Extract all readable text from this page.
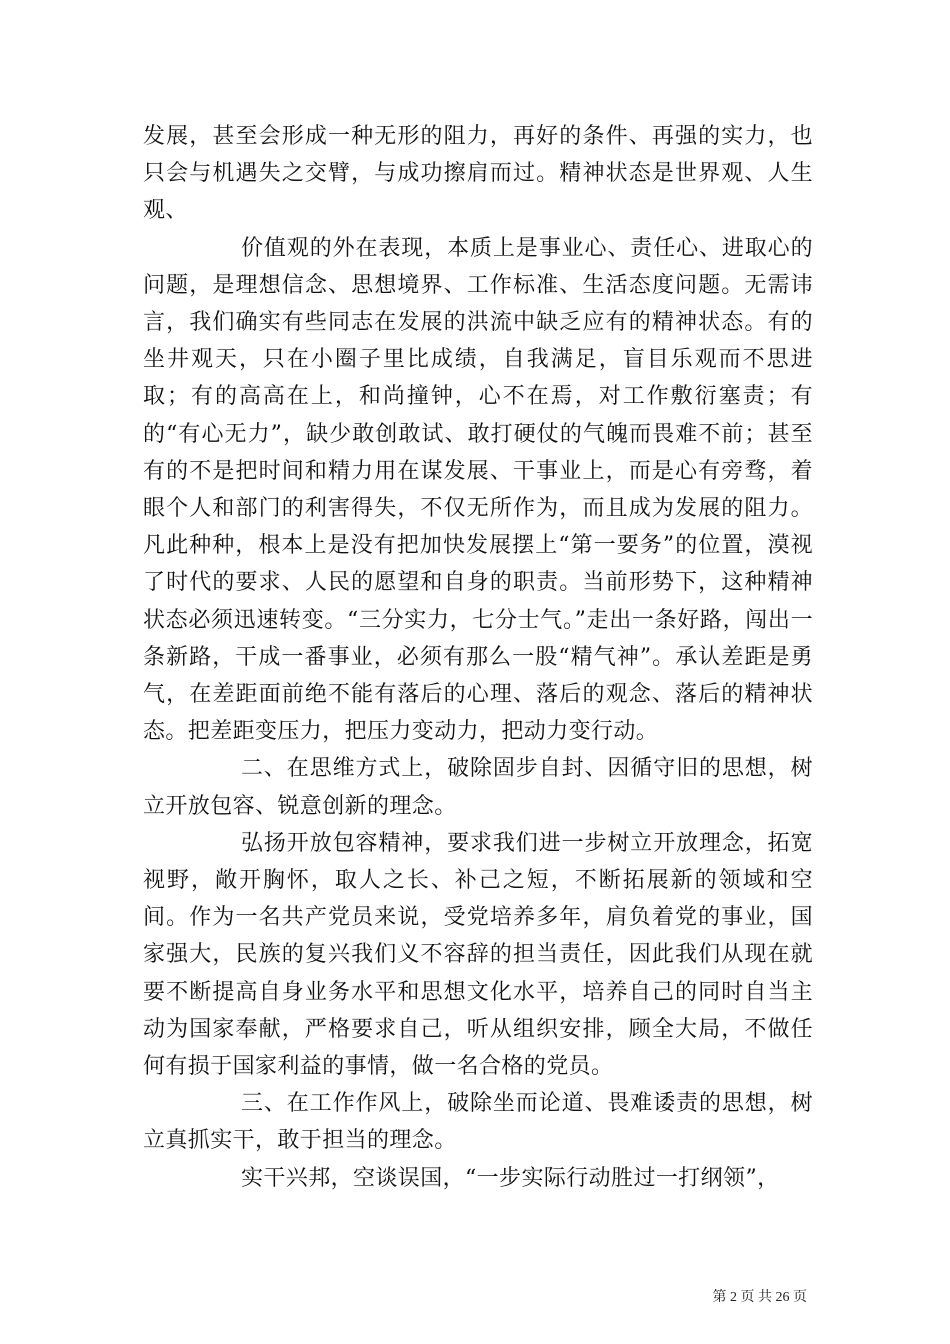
发展，甚至会形成一种无形的阻力，再好的条件、再强的实力，也只会与机遇失之交臂，与成功擦肩而过。精神状态是世界观、人生观、

价值观的外在表现，本质上是事业心、责任心、进取心的问题，是理想信念、思想境界、工作标准、生活态度问题。无需讳言，我们确实有些同志在发展的洪流中缺乏应有的精神状态。有的坐井观天，只在小圈子里比成绩，自我满足，盲目乐观而不思进取；有的高高在上，和尚撞钟，心不在焉，对工作敷衍塞责；有的“有心无力”，缺少敢创敢试、敢打硬仗的气魄而畏难不前；甚至有的不是把时间和精力用在谋发展、干事业上，而是心有旁骛，着眼个人和部门的利害得失，不仅无所作为，而且成为发展的阻力。凡此种种，根本上是没有把加快发展摆上“第一要务”的位置，漠视了时代的要求、人民的愿望和自身的职责。当前形势下，这种精神状态必须迅速转变。“三分实力，七分士气。”走出一条好路，闯出一条新路，干成一番事业，必须有那么一股“精气神”。承认差距是勇气，在差距面前绝不能有落后的心理、落后的观念、落后的精神状态。把差距变压力，把压力变动力，把动力变行动。

二、在思维方式上，破除固步自封、因循守旧的思想，树立开放包容、锐意创新的理念。

弘扬开放包容精神，要求我们进一步树立开放理念，拓宽视野，敞开胸怀，取人之长、补己之短，不断拓展新的领域和空间。作为一名共产党员来说，受党培养多年，肩负着党的事业，国家强大，民族的复兴我们义不容辞的担当责任，因此我们从现在就要不断提高自身业务水平和思想文化水平，培养自己的同时自当主动为国家奉献，严格要求自己，听从组织安排，顾全大局，不做任何有损于国家利益的事情，做一名合格的党员。

三、在工作作风上，破除坐而论道、畏难诿责的思想，树立真抓实干，敢于担当的理念。

实干兴邦，空谈误国，“一步实际行动胜过一打纲领”，

第 2 页 共 26 页
